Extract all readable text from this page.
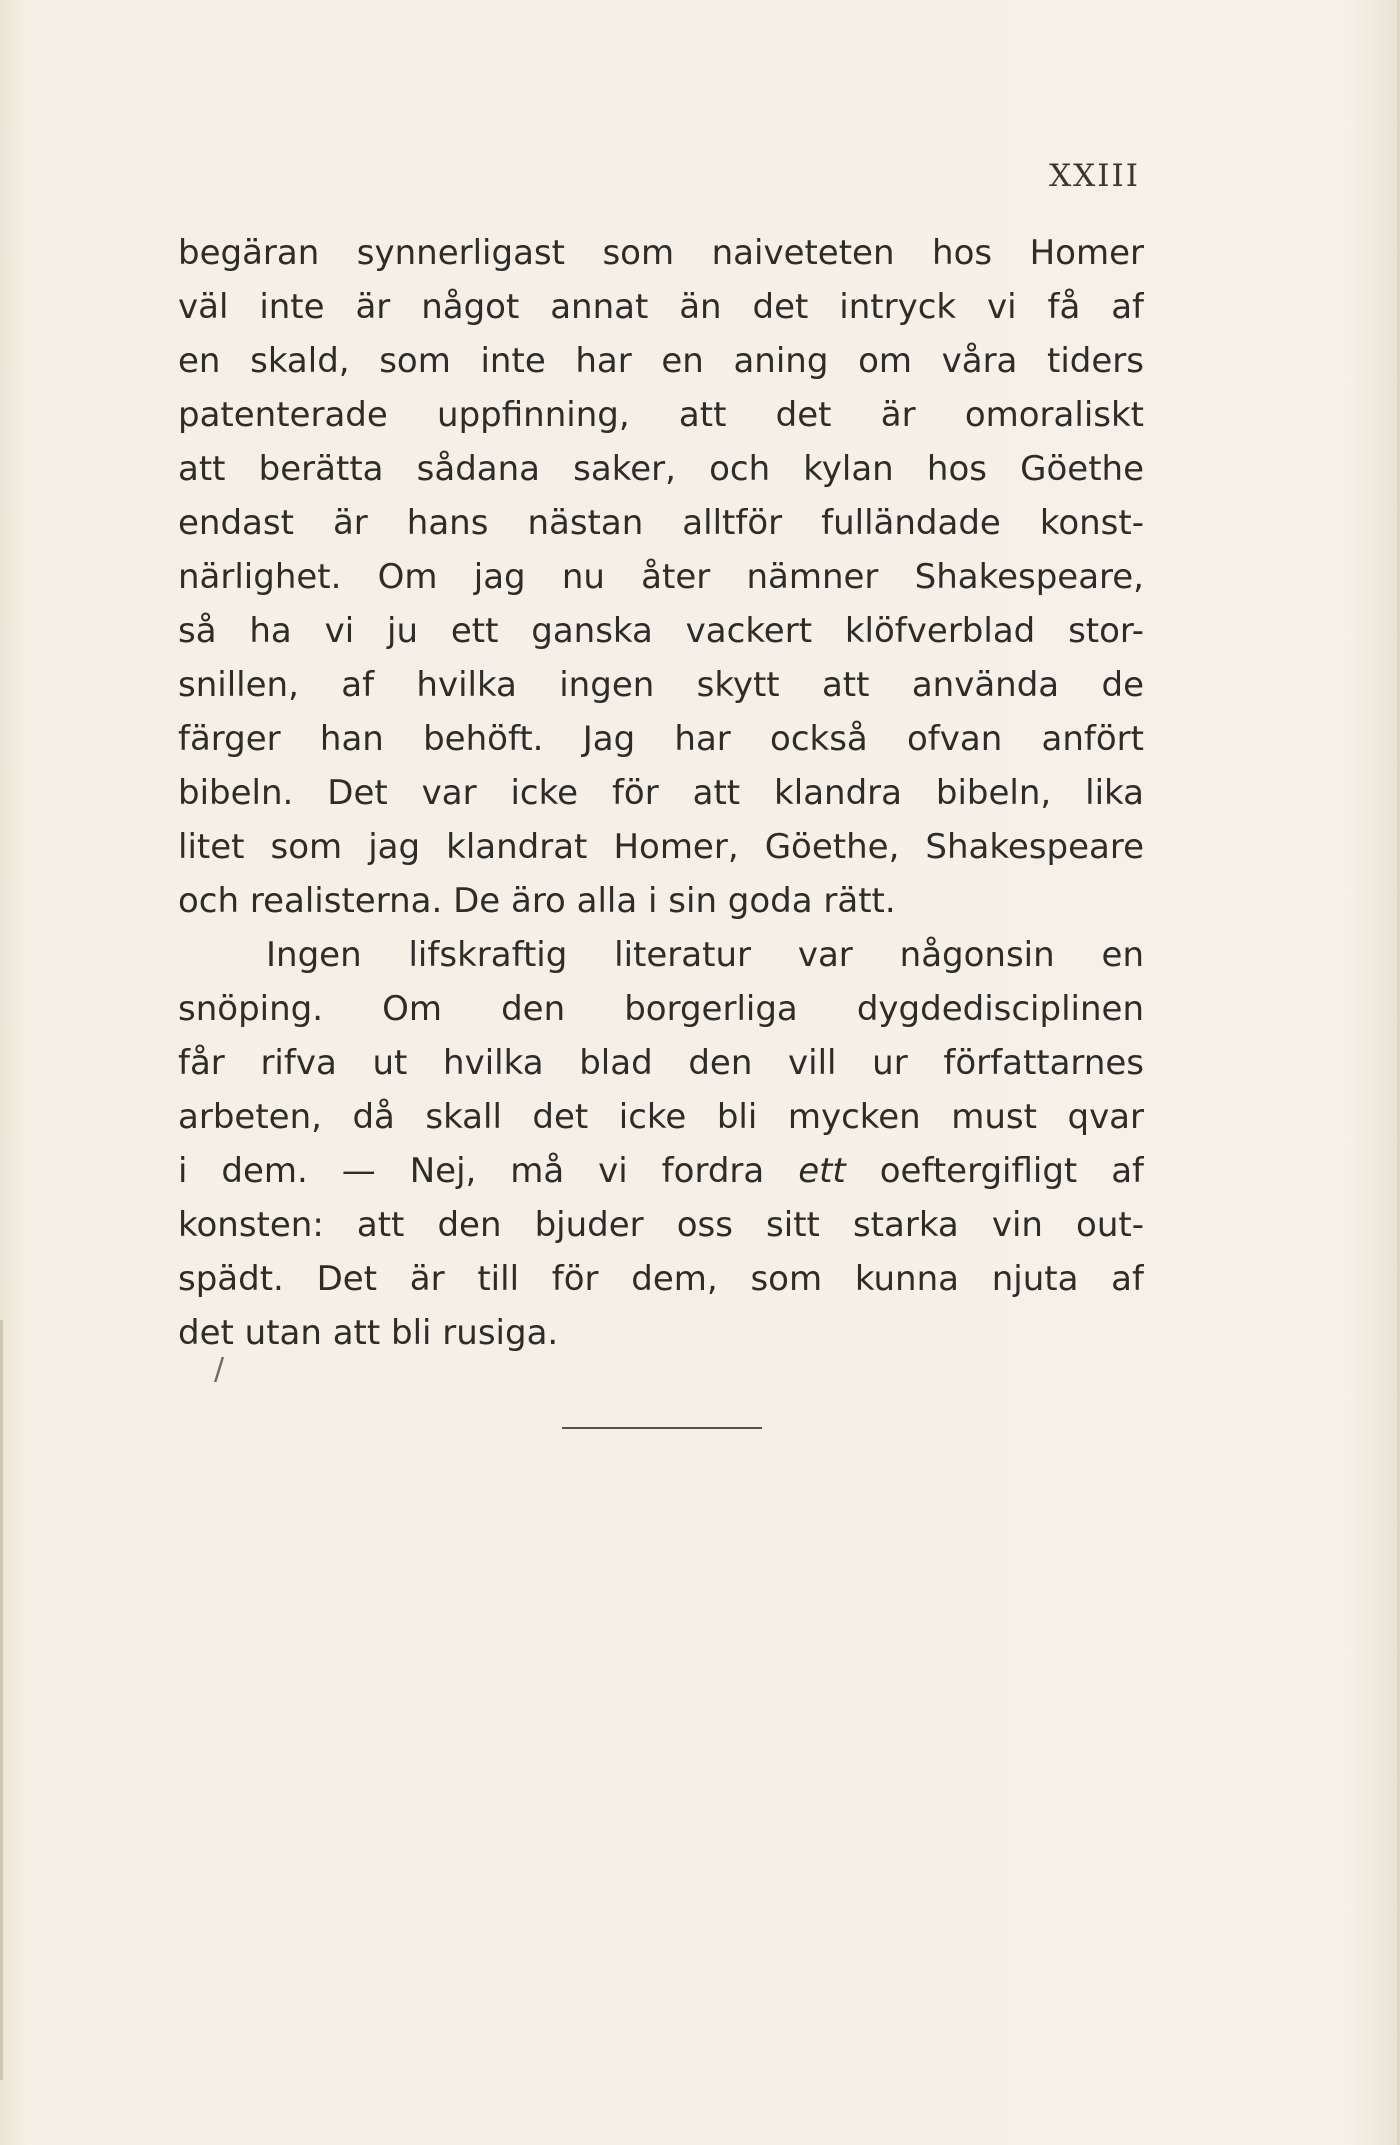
XXIII
begäran synnerligast som naiveteten hos Homer
väl inte är något annat än det intryck vi få af
en skald, som inte har en aning om våra tiders
patenterade uppfinning, att det är omoraliskt
att berätta sådana saker, och kylan hos Göethe
endast är hans nästan alltför fulländade konst-
närlighet. Om jag nu åter nämner Shakespeare,
så ha vi ju ett ganska vackert klöfverblad stor-
snillen, af hvilka ingen skytt att använda de
färger han behöft. Jag har också ofvan anfört
bibeln. Det var icke för att klandra bibeln, lika
litet som jag klandrat Homer, Göethe, Shakespeare
och realisterna. De äro alla i sin goda rätt.
Ingen lifskraftig literatur var någonsin en
snöping. Om den borgerliga dygdedisciplinen
får rifva ut hvilka blad den vill ur författarnes
arbeten, då skall det icke bli mycken must qvar
i dem. — Nej, må vi fordra ett oeftergifligt af
konsten: att den bjuder oss sitt starka vin out-
spädt. Det är till för dem, som kunna njuta af
det utan att bli rusiga.
/
